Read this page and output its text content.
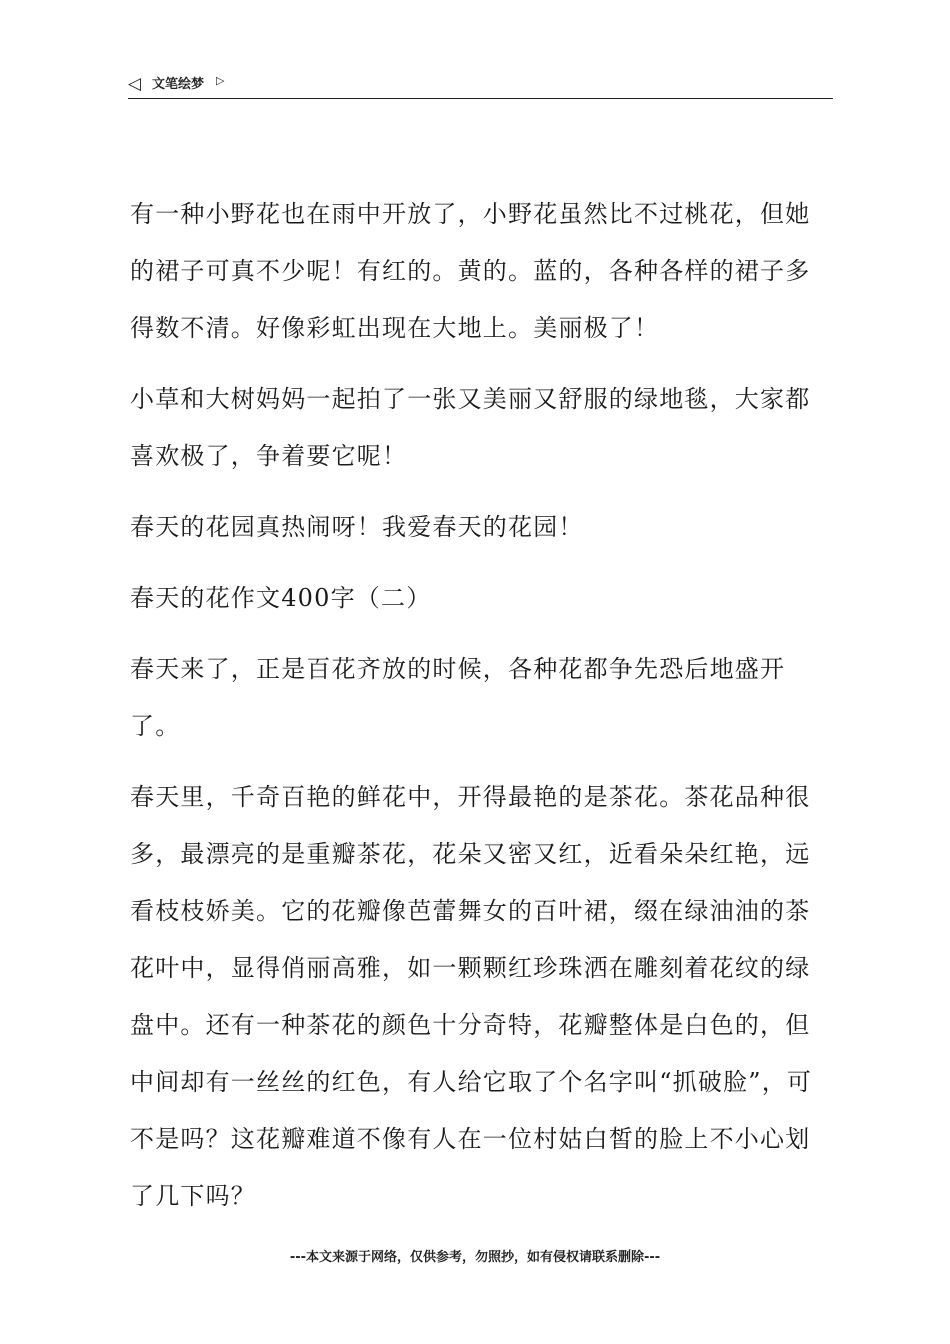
◁ 文笔绘梦 ▷

有一种小野花也在雨中开放了，小野花虽然比不过桃花，但她的裙子可真不少呢！有红的。黄的。蓝的，各种各样的裙子多得数不清。好像彩虹出现在大地上。美丽极了！

小草和大树妈妈一起拍了一张又美丽又舒服的绿地毯，大家都喜欢极了，争着要它呢！

春天的花园真热闹呀！我爱春天的花园！

春天的花作文400字（二）

春天来了，正是百花齐放的时候，各种花都争先恐后地盛开了。

春天里，千奇百艳的鲜花中，开得最艳的是茶花。茶花品种很多，最漂亮的是重瓣茶花，花朵又密又红，近看朵朵红艳，远看枝枝娇美。它的花瓣像芭蕾舞女的百叶裙，缀在绿油油的茶花叶中，显得俏丽高雅，如一颗颗红珍珠洒在雕刻着花纹的绿盘中。还有一种茶花的颜色十分奇特，花瓣整体是白色的，但中间却有一丝丝的红色，有人给它取了个名字叫“抓破脸”，可不是吗？这花瓣难道不像有人在一位村姑白皙的脸上不小心划了几下吗？

---本文来源于网络，仅供参考，勿照抄，如有侵权请联系删除---
